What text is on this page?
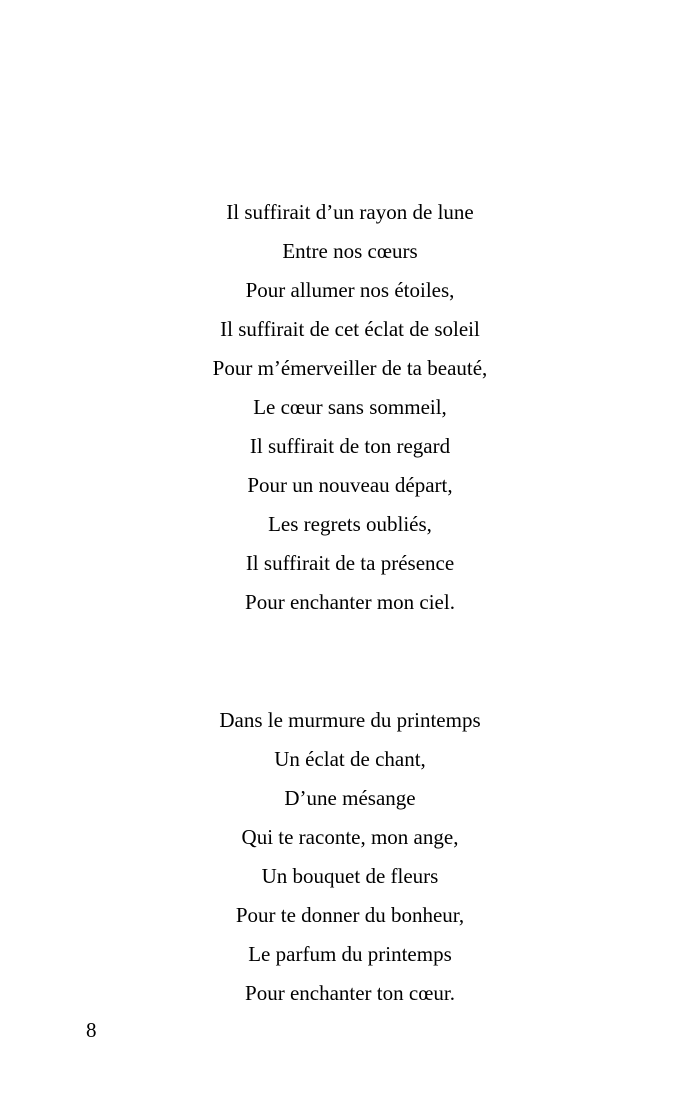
Il suffirait d’un rayon de lune
Entre nos cœurs
Pour allumer nos étoiles,
Il suffirait de cet éclat de soleil
Pour m’émerveiller de ta beauté,
Le cœur sans sommeil,
Il suffirait de ton regard
Pour un nouveau départ,
Les regrets oubliés,
Il suffirait de ta présence
Pour enchanter mon ciel.
Dans le murmure du printemps
Un éclat de chant,
D’une mésange
Qui te raconte, mon ange,
Un bouquet de fleurs
Pour te donner du bonheur,
Le parfum du printemps
Pour enchanter ton cœur.
8
